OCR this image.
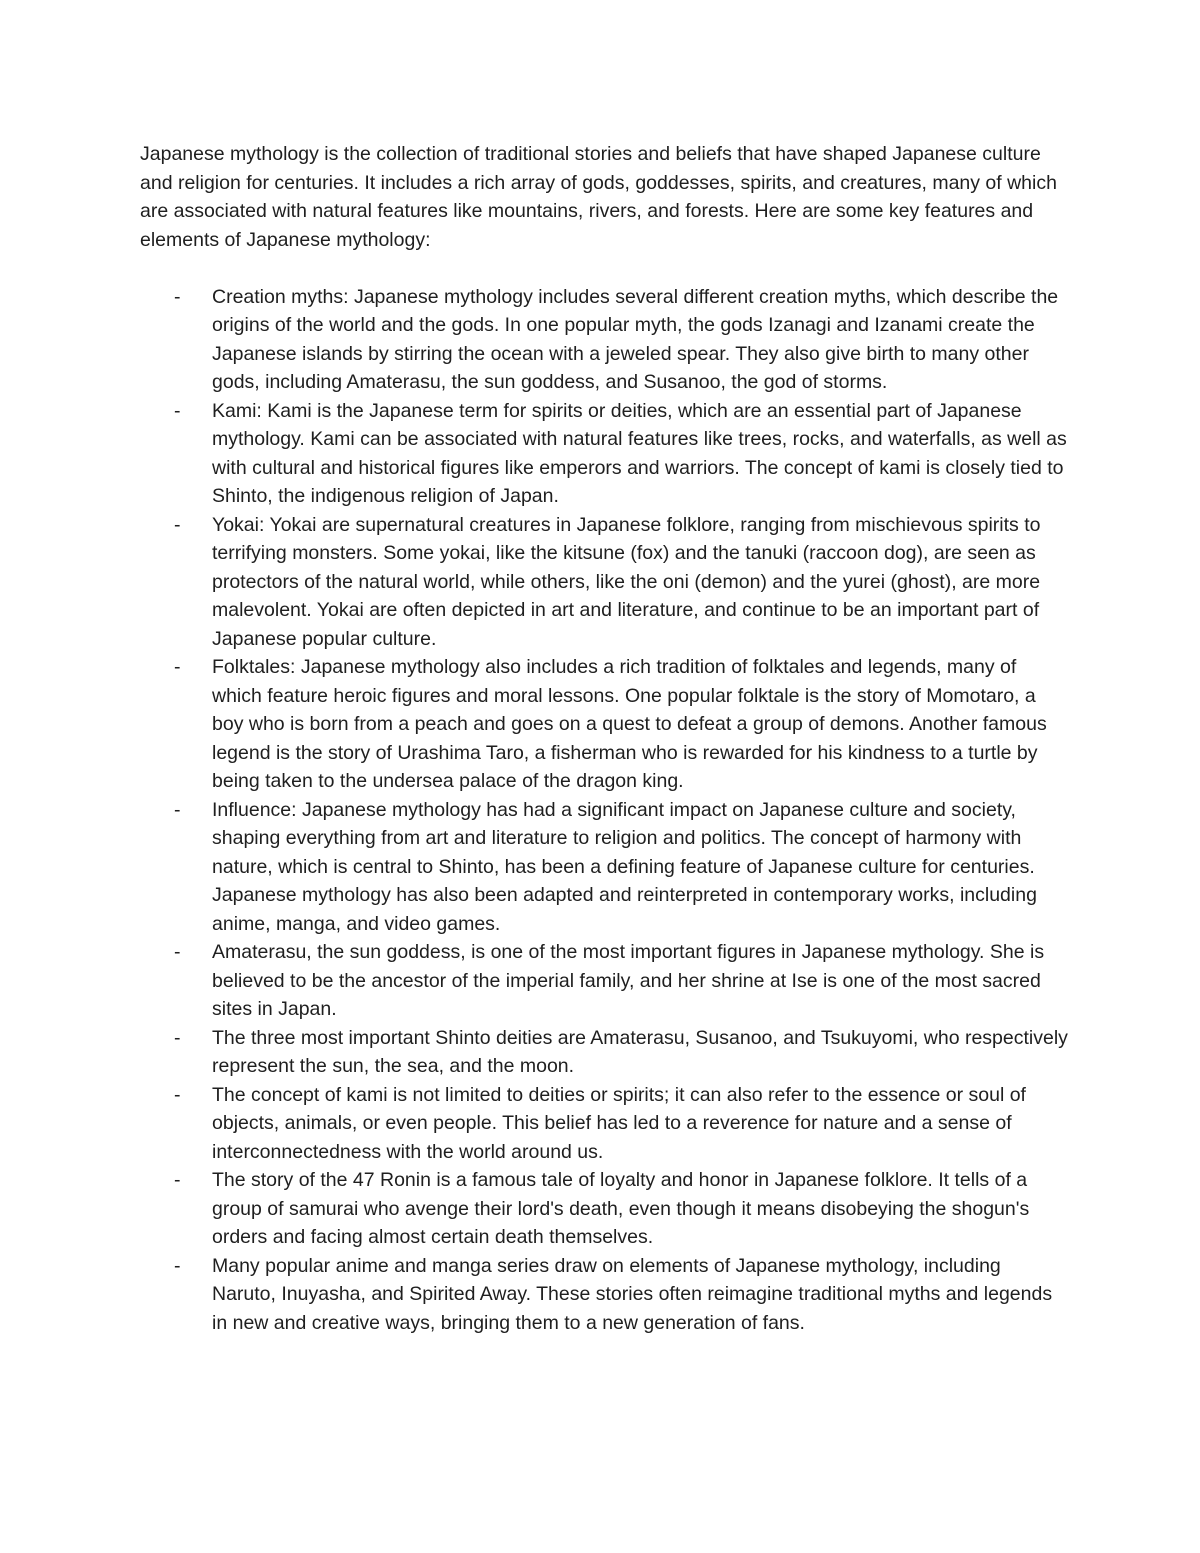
Japanese mythology is the collection of traditional stories and beliefs that have shaped Japanese culture and religion for centuries. It includes a rich array of gods, goddesses, spirits, and creatures, many of which are associated with natural features like mountains, rivers, and forests. Here are some key features and elements of Japanese mythology:

- Creation myths: Japanese mythology includes several different creation myths, which describe the origins of the world and the gods. In one popular myth, the gods Izanagi and Izanami create the Japanese islands by stirring the ocean with a jeweled spear. They also give birth to many other gods, including Amaterasu, the sun goddess, and Susanoo, the god of storms.
- Kami: Kami is the Japanese term for spirits or deities, which are an essential part of Japanese mythology. Kami can be associated with natural features like trees, rocks, and waterfalls, as well as with cultural and historical figures like emperors and warriors. The concept of kami is closely tied to Shinto, the indigenous religion of Japan.
- Yokai: Yokai are supernatural creatures in Japanese folklore, ranging from mischievous spirits to terrifying monsters. Some yokai, like the kitsune (fox) and the tanuki (raccoon dog), are seen as protectors of the natural world, while others, like the oni (demon) and the yurei (ghost), are more malevolent. Yokai are often depicted in art and literature, and continue to be an important part of Japanese popular culture.
- Folktales: Japanese mythology also includes a rich tradition of folktales and legends, many of which feature heroic figures and moral lessons. One popular folktale is the story of Momotaro, a boy who is born from a peach and goes on a quest to defeat a group of demons. Another famous legend is the story of Urashima Taro, a fisherman who is rewarded for his kindness to a turtle by being taken to the undersea palace of the dragon king.
- Influence: Japanese mythology has had a significant impact on Japanese culture and society, shaping everything from art and literature to religion and politics. The concept of harmony with nature, which is central to Shinto, has been a defining feature of Japanese culture for centuries. Japanese mythology has also been adapted and reinterpreted in contemporary works, including anime, manga, and video games.
- Amaterasu, the sun goddess, is one of the most important figures in Japanese mythology. She is believed to be the ancestor of the imperial family, and her shrine at Ise is one of the most sacred sites in Japan.
- The three most important Shinto deities are Amaterasu, Susanoo, and Tsukuyomi, who respectively represent the sun, the sea, and the moon.
- The concept of kami is not limited to deities or spirits; it can also refer to the essence or soul of objects, animals, or even people. This belief has led to a reverence for nature and a sense of interconnectedness with the world around us.
- The story of the 47 Ronin is a famous tale of loyalty and honor in Japanese folklore. It tells of a group of samurai who avenge their lord's death, even though it means disobeying the shogun's orders and facing almost certain death themselves.
- Many popular anime and manga series draw on elements of Japanese mythology, including Naruto, Inuyasha, and Spirited Away. These stories often reimagine traditional myths and legends in new and creative ways, bringing them to a new generation of fans.
